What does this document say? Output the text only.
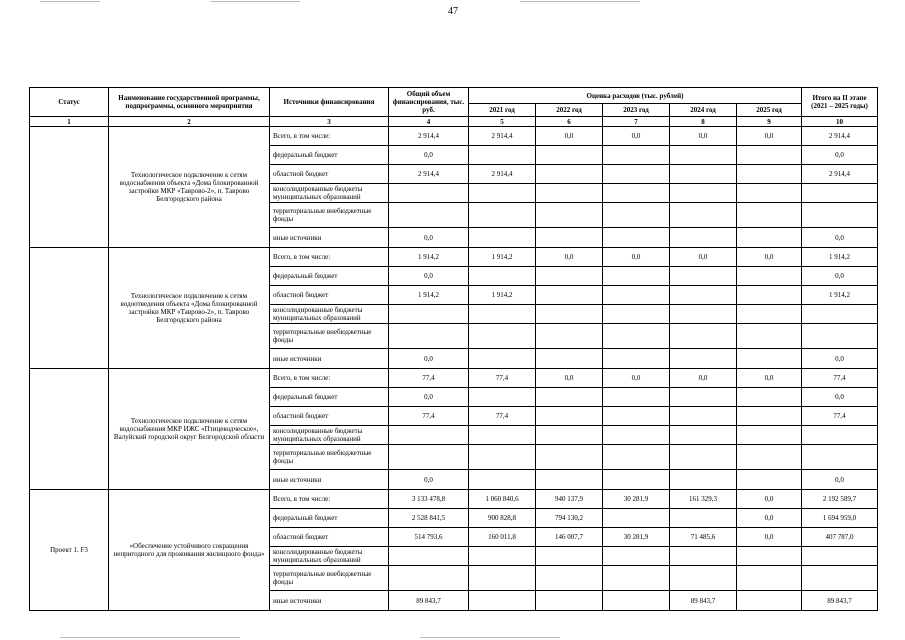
47
Статус	Наименование государственной программы, подпрограммы, основного мероприятия	Источники финансирования	Общий объем финансирования, тыс. руб.	Оценка расходов (тыс. рублей)					Итого на II этапе (2021 – 2025 годы)
				2021 год	2022 год	2023 год	2024 год	2025 год	
1	2	3	4	5	6	7	8	9	10
	Технологическое подключение к сетям водоснабжения объекта «Дома блокированной застройки МКР «Таврово-2», п. Таврово Белгородского района	Всего, в том числе:	2 914,4	2 914,4	0,0	0,0	0,0	0,0	2 914,4
		федеральный бюджет	0,0						0,0
		областной бюджет	2 914,4	2 914,4					2 914,4
		консолидированные бюджеты муниципальных образований							
		территориальные внебюджетные фонды							
		иные источники	0,0						0,0
	Технологическое подключение к сетям водоотведения объекта «Дома блокированной застройки МКР «Таврово-2», п. Таврово Белгородского района	Всего, в том числе:	1 914,2	1 914,2	0,0	0,0	0,0	0,0	1 914,2
		федеральный бюджет	0,0						0,0
		областной бюджет	1 914,2	1 914,2					1 914,2
		консолидированные бюджеты муниципальных образований							
		территориальные внебюджетные фонды							
		иные источники	0,0						0,0
	Технологическое подключение к сетям водоснабжения МКР ИЖС «Птицеводческое», Валуйский городской округ Белгородской области	Всего, в том числе:	77,4	77,4	0,0	0,0	0,0	0,0	77,4
		федеральный бюджет	0,0						0,0
		областной бюджет	77,4	77,4					77,4
		консолидированные бюджеты муниципальных образований							
		территориальные внебюджетные фонды							
		иные источники	0,0						0,0
Проект 1. F3	«Обеспечение устойчивого сокращения непригодного для проживания жилищного фонда»	Всего, в том числе:	3 133 478,8	1 060 840,6	940 137,9	30 281,9	161 329,3	0,0	2 192 589,7
		федеральный бюджет	2 528 841,5	900 828,8	794 130,2			0,0	1 694 959,0
		областной бюджет	514 793,6	160 011,8	146 007,7	30 281,9	71 485,6	0,0	407 787,0
		консолидированные бюджеты муниципальных образований							
		территориальные внебюджетные фонды							
		иные источники	89 843,7				89 843,7		89 843,7
